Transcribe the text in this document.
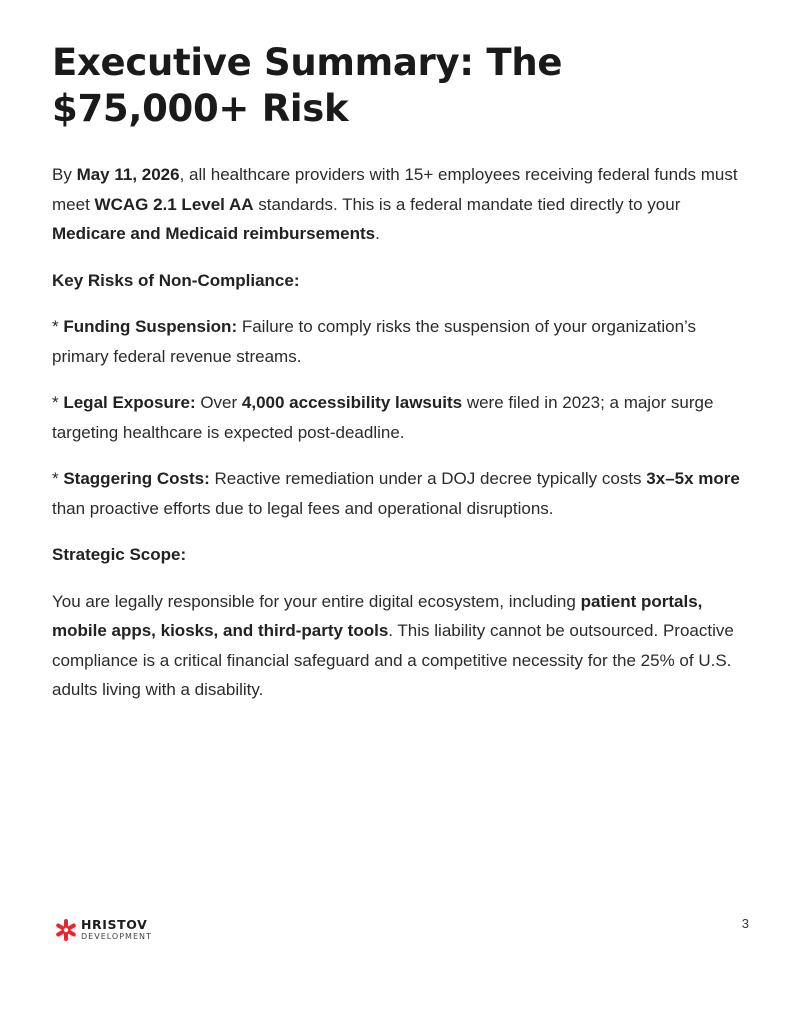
Executive Summary: The $75,000+ Risk

By May 11, 2026, all healthcare providers with 15+ employees receiving federal funds must meet WCAG 2.1 Level AA standards. This is a federal mandate tied directly to your Medicare and Medicaid reimbursements.

Key Risks of Non-Compliance:

* Funding Suspension: Failure to comply risks the suspension of your organization’s primary federal revenue streams.

* Legal Exposure: Over 4,000 accessibility lawsuits were filed in 2023; a major surge targeting healthcare is expected post-deadline.

* Staggering Costs: Reactive remediation under a DOJ decree typically costs 3x–5x more than proactive efforts due to legal fees and operational disruptions.

Strategic Scope:

You are legally responsible for your entire digital ecosystem, including patient portals, mobile apps, kiosks, and third-party tools. This liability cannot be outsourced. Proactive compliance is a critical financial safeguard and a competitive necessity for the 25% of U.S. adults living with a disability.

HRISTOV
DEVELOPMENT
3
